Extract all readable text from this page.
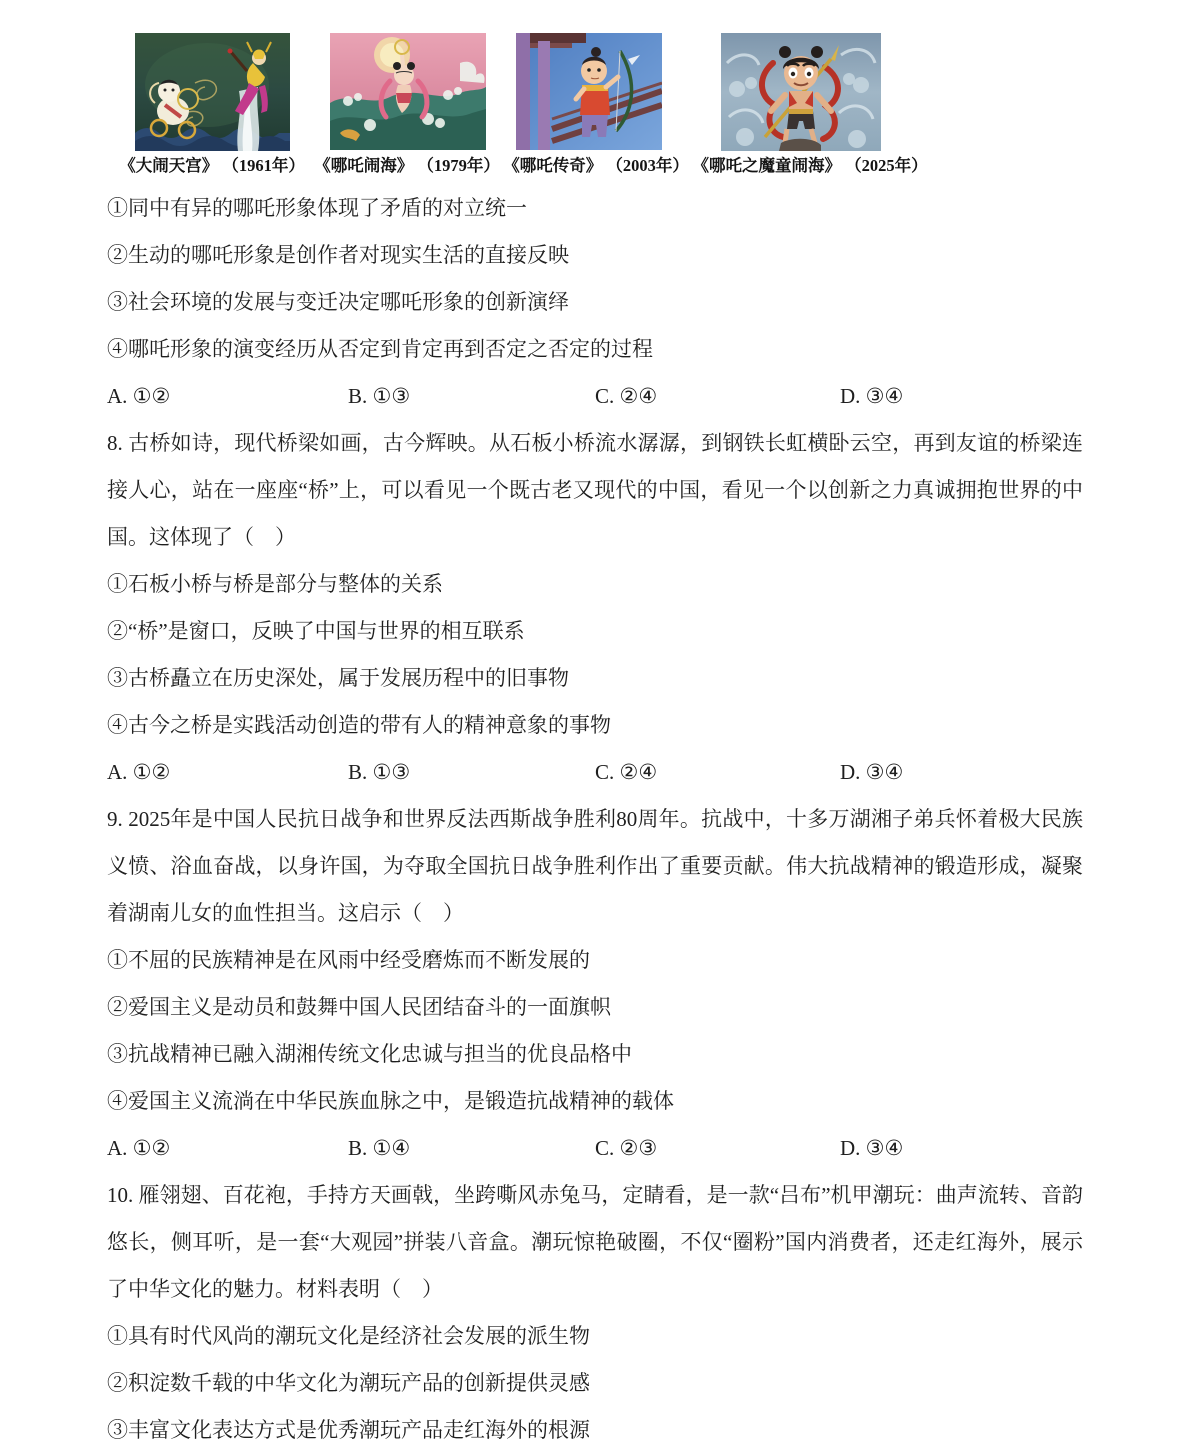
《大闹天宫》 （1961年） 《哪吒闹海》 （1979年） 《哪吒传奇》 （2003年） 《哪吒之魔童闹海》 （2025年）

①同中有异的哪吒形象体现了矛盾的对立统一

②生动的哪吒形象是创作者对现实生活的直接反映

③社会环境的发展与变迁决定哪吒形象的创新演绎

④哪吒形象的演变经历从否定到肯定再到否定之否定的过程

A. ①②	B. ①③	C. ②④	D. ③④

8. 古桥如诗，现代桥梁如画，古今辉映。从石板小桥流水潺潺，到钢铁长虹横卧云空，再到友谊的桥梁连接人心，站在一座座“桥”上，可以看见一个既古老又现代的中国，看见一个以创新之力真诚拥抱世界的中国。这体现了（　）

①石板小桥与桥是部分与整体的关系

②“桥”是窗口，反映了中国与世界的相互联系

③古桥矗立在历史深处，属于发展历程中的旧事物

④古今之桥是实践活动创造的带有人的精神意象的事物

A. ①②	B. ①③	C. ②④	D. ③④

9. 2025年是中国人民抗日战争和世界反法西斯战争胜利80周年。抗战中，十多万湖湘子弟兵怀着极大民族义愤、浴血奋战，以身许国，为夺取全国抗日战争胜利作出了重要贡献。伟大抗战精神的锻造形成，凝聚着湖南儿女的血性担当。这启示（　）

①不屈的民族精神是在风雨中经受磨炼而不断发展的

②爱国主义是动员和鼓舞中国人民团结奋斗的一面旗帜

③抗战精神已融入湖湘传统文化忠诚与担当的优良品格中

④爱国主义流淌在中华民族血脉之中，是锻造抗战精神的载体

A. ①②	B. ①④	C. ②③	D. ③④

10. 雁翎翅、百花袍，手持方天画戟，坐跨嘶风赤兔马，定睛看，是一款“吕布”机甲潮玩：曲声流转、音韵悠长，侧耳听，是一套“大观园”拼装八音盒。潮玩惊艳破圈，不仅“圈粉”国内消费者，还走红海外，展示了中华文化的魅力。材料表明（　）

①具有时代风尚的潮玩文化是经济社会发展的派生物

②积淀数千载的中华文化为潮玩产品的创新提供灵感

③丰富文化表达方式是优秀潮玩产品走红海外的根源
